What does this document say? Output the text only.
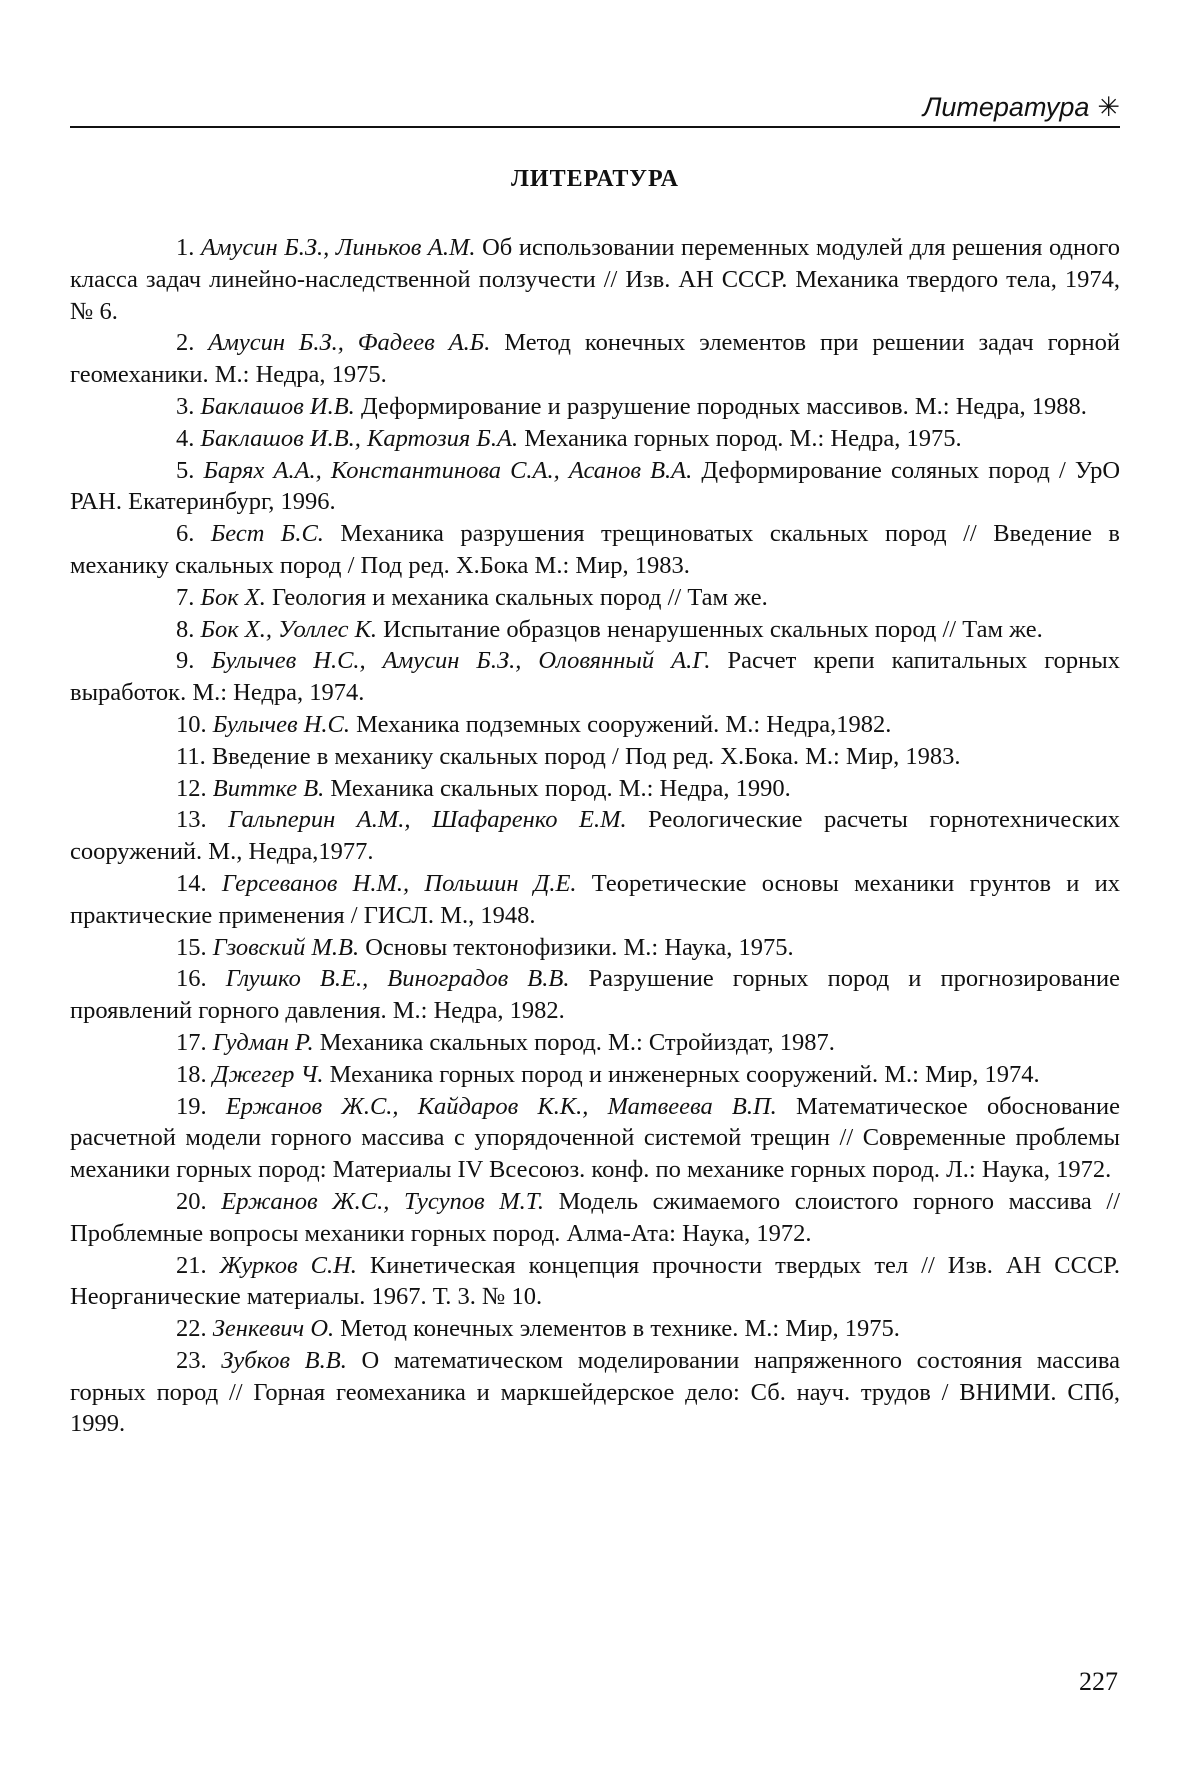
Литература ✳
ЛИТЕРАТУРА
1. Амусин Б.З., Линьков А.М. Об использовании переменных модулей для решения одного класса задач линейно-наследственной ползучести // Изв. АН СССР. Механика твердого тела, 1974, № 6.
2. Амусин Б.З., Фадеев А.Б. Метод конечных элементов при решении задач горной геомеханики. М.: Недра, 1975.
3. Баклашов И.В. Деформирование и разрушение породных массивов. М.: Недра, 1988.
4. Баклашов И.В., Картозия Б.А. Механика горных пород. М.: Недра, 1975.
5. Барях А.А., Константинова С.А., Асанов В.А. Деформирование соляных пород / УрО РАН. Екатеринбург, 1996.
6. Бест Б.С. Механика разрушения трещиноватых скальных пород // Введение в механику скальных пород / Под ред. Х.Бока М.: Мир, 1983.
7. Бок Х. Геология и механика скальных пород // Там же.
8. Бок Х., Уоллес К. Испытание образцов ненарушенных скальных пород // Там же.
9. Булычев Н.С., Амусин Б.З., Оловянный А.Г. Расчет крепи капитальных горных выработок. М.: Недра, 1974.
10. Булычев Н.С. Механика подземных сооружений. М.: Недра,1982.
11. Введение в механику скальных пород / Под ред. Х.Бока. М.: Мир, 1983.
12. Виттке В. Механика скальных пород. М.: Недра, 1990.
13. Гальперин А.М., Шафаренко Е.М. Реологические расчеты горнотехнических сооружений. М., Недра,1977.
14. Герсеванов Н.М., Польшин Д.Е. Теоретические основы механики грунтов и их практические применения / ГИСЛ. М., 1948.
15. Гзовский М.В. Основы тектонофизики. М.: Наука, 1975.
16. Глушко В.Е., Виноградов В.В. Разрушение горных пород и прогнозирование проявлений горного давления. М.: Недра, 1982.
17. Гудман Р. Механика скальных пород. М.: Стройиздат, 1987.
18. Джегер Ч. Механика горных пород и инженерных сооружений. М.: Мир, 1974.
19. Ержанов Ж.С., Кайдаров К.К., Матвеева В.П. Математическое обоснование расчетной модели горного массива с упорядоченной системой трещин // Современные проблемы механики горных пород: Материалы IV Всесоюз. конф. по механике горных пород. Л.: Наука, 1972.
20. Ержанов Ж.С., Тусупов М.Т. Модель сжимаемого слоистого горного массива // Проблемные вопросы механики горных пород. Алма-Ата: Наука, 1972.
21. Журков С.Н. Кинетическая концепция прочности твердых тел // Изв. АН СССР. Неорганические материалы. 1967. Т. 3. № 10.
22. Зенкевич О. Метод конечных элементов в технике. М.: Мир, 1975.
23. Зубков В.В. О математическом моделировании напряженного состояния массива горных пород // Горная геомеханика и маркшейдерское дело: Сб. науч. трудов / ВНИМИ. СПб, 1999.
227
